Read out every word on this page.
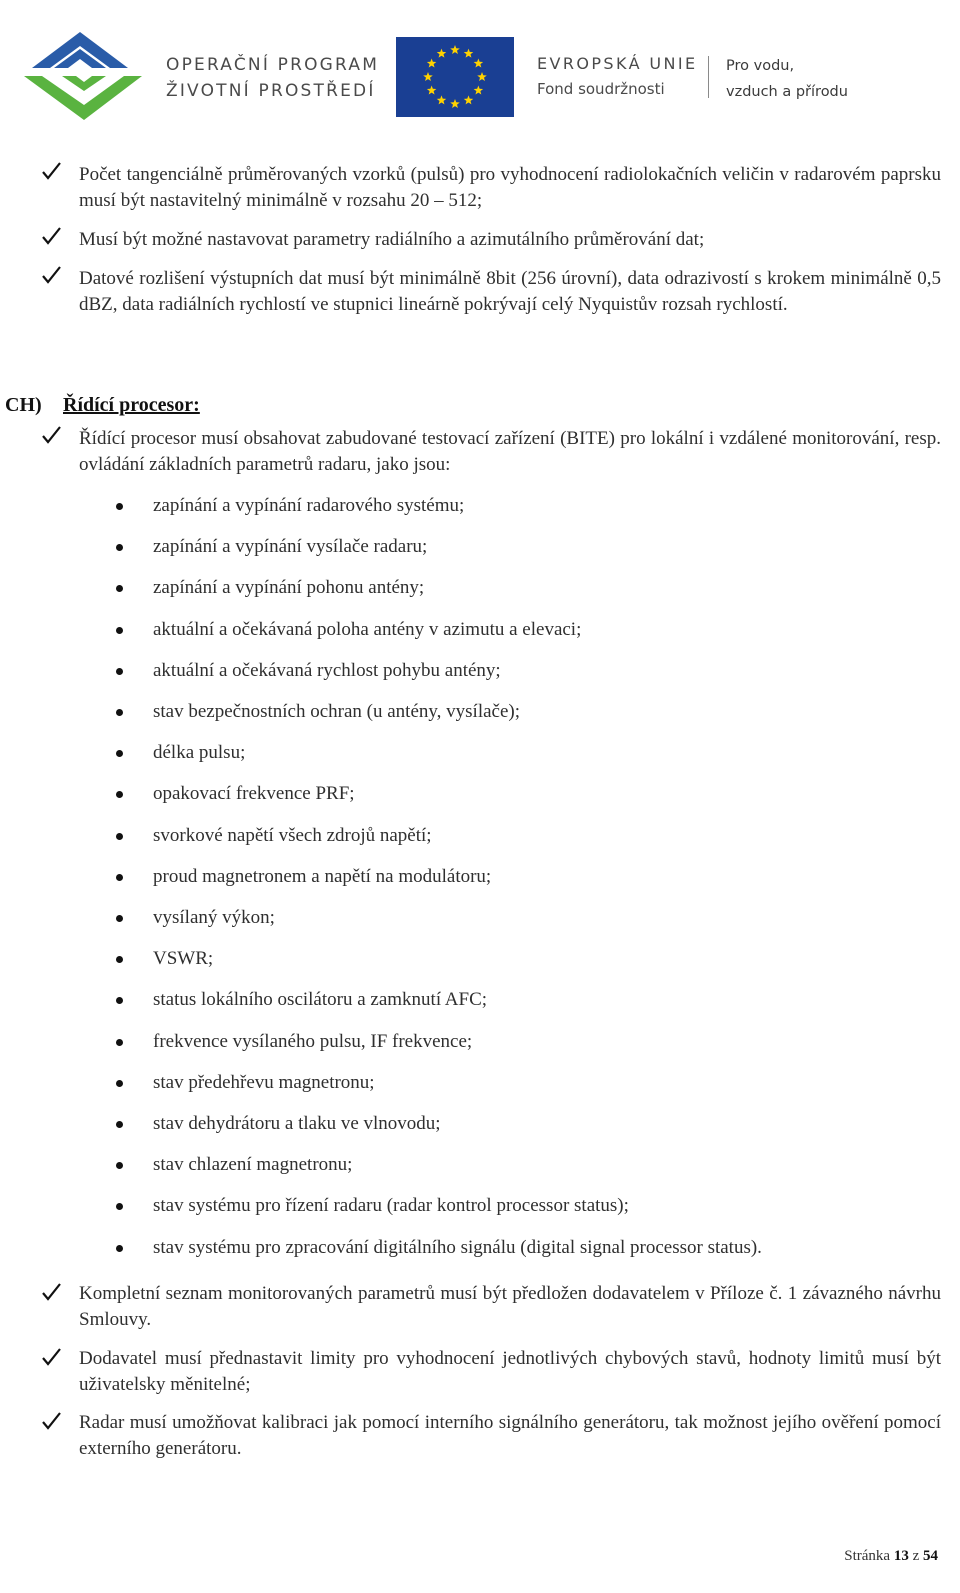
OPERAČNÍ PROGRAM
ŽIVOTNÍ PROSTŘEDÍ
EVROPSKÁ UNIE
Fond soudržnosti
Pro vodu,
vzduch a přírodu
Počet tangenciálně průměrovaných vzorků (pulsů) pro vyhodnocení radiolokačních veličin v radarovém paprsku musí být nastavitelný minimálně v rozsahu 20 – 512;
Musí být možné nastavovat parametry radiálního a azimutálního průměrování dat;
Datové rozlišení výstupních dat musí být minimálně 8bit (256 úrovní), data odrazivostí s krokem minimálně 0,5 dBZ, data radiálních rychlostí ve stupnici lineárně pokrývají celý Nyquistův rozsah rychlostí.
CH) Řídící procesor:
Řídící procesor musí obsahovat zabudované testovací zařízení (BITE) pro lokální i vzdálené monitorování, resp. ovládání základních parametrů radaru, jako jsou:
zapínání a vypínání radarového systému;
zapínání a vypínání vysílače radaru;
zapínání a vypínání pohonu antény;
aktuální a očekávaná poloha antény v azimutu a elevaci;
aktuální a očekávaná rychlost pohybu antény;
stav bezpečnostních ochran (u antény, vysílače);
délka pulsu;
opakovací frekvence PRF;
svorkové napětí všech zdrojů napětí;
proud magnetronem a napětí na modulátoru;
vysílaný výkon;
VSWR;
status lokálního oscilátoru a zamknutí AFC;
frekvence vysílaného pulsu, IF frekvence;
stav předehřevu magnetronu;
stav dehydrátoru a tlaku ve vlnovodu;
stav chlazení magnetronu;
stav systému pro řízení radaru (radar kontrol processor status);
stav systému pro zpracování digitálního signálu (digital signal processor status).
Kompletní seznam monitorovaných parametrů musí být předložen dodavatelem v Příloze č. 1 závazného návrhu Smlouvy.
Dodavatel musí přednastavit limity pro vyhodnocení jednotlivých chybových stavů, hodnoty limitů musí být uživatelsky měnitelné;
Radar musí umožňovat kalibraci jak pomocí interního signálního generátoru, tak možnost jejího ověření pomocí externího generátoru.
Stránka 13 z 54
